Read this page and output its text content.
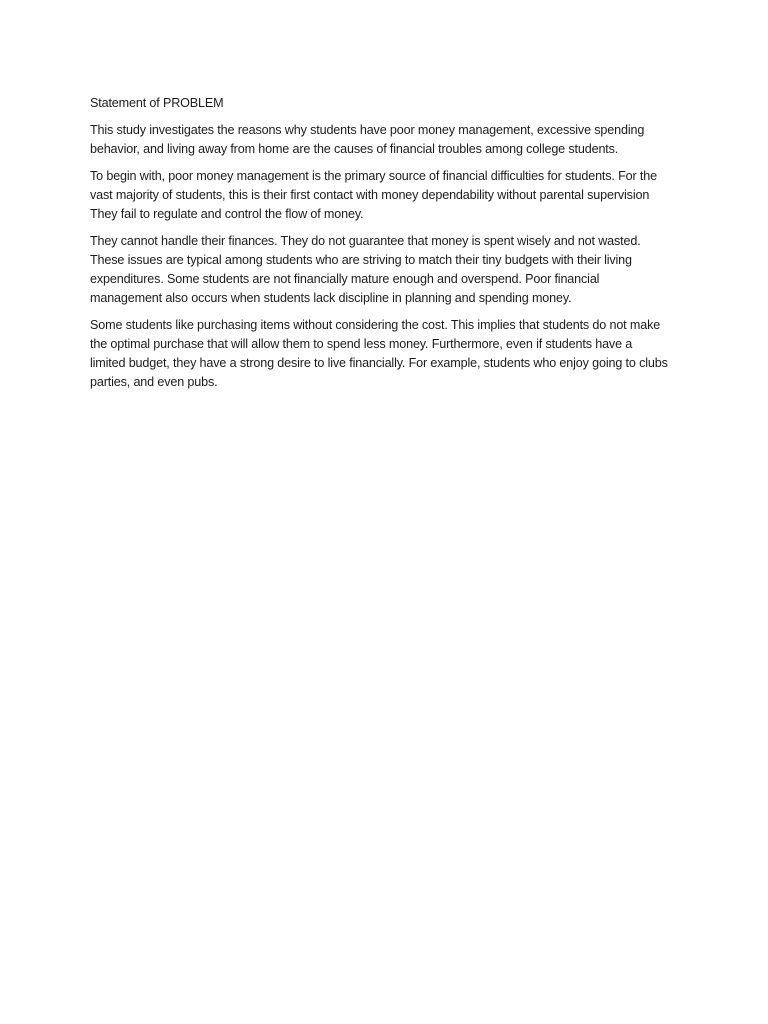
Statement of PROBLEM

This study investigates the reasons why students have poor money management, excessive spending behavior, and living away from home are the causes of financial troubles among college students.

To begin with, poor money management is the primary source of financial difficulties for students. For the vast majority of students, this is their first contact with money dependability without parental supervision They fail to regulate and control the flow of money.

They cannot handle their finances. They do not guarantee that money is spent wisely and not wasted. These issues are typical among students who are striving to match their tiny budgets with their living expenditures. Some students are not financially mature enough and overspend. Poor financial management also occurs when students lack discipline in planning and spending money.

Some students like purchasing items without considering the cost. This implies that students do not make the optimal purchase that will allow them to spend less money. Furthermore, even if students have a limited budget, they have a strong desire to live financially. For example, students who enjoy going to clubs parties, and even pubs.
